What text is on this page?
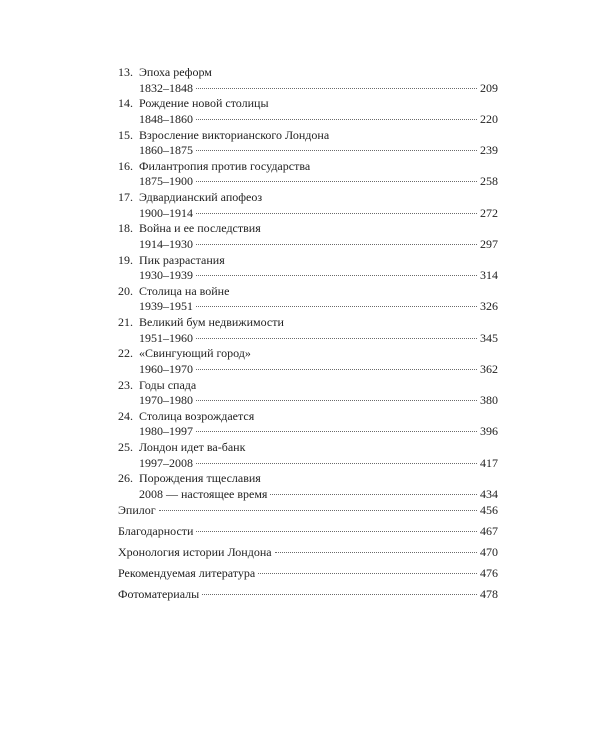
13. Эпоха реформ
1832–1848	209
14. Рождение новой столицы
1848–1860	220
15. Взросление викторианского Лондона
1860–1875	239
16. Филантропия против государства
1875–1900	258
17. Эдвардианский апофеоз
1900–1914	272
18. Война и ее последствия
1914–1930	297
19. Пик разрастания
1930–1939	314
20. Столица на войне
1939–1951	326
21. Великий бум недвижимости
1951–1960	345
22. «Свингующий город»
1960–1970	362
23. Годы спада
1970–1980	380
24. Столица возрождается
1980–1997	396
25. Лондон идет ва-банк
1997–2008	417
26. Порождения тщеславия
2008 — настоящее время	434
Эпилог	456
Благодарности	467
Хронология истории Лондона	470
Рекомендуемая литература	476
Фотоматериалы	478
